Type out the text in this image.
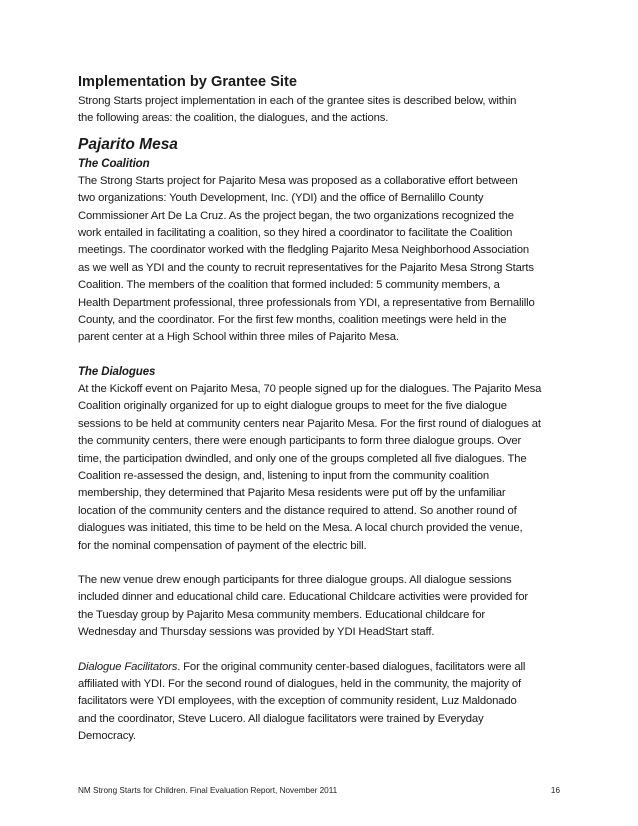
Implementation by Grantee Site
Strong Starts project implementation in each of the grantee sites is described below, within
the following areas: the coalition, the dialogues, and the actions.
Pajarito Mesa
The Coalition
The Strong Starts project for Pajarito Mesa was proposed as a collaborative effort between
two organizations: Youth Development, Inc. (YDI) and the office of Bernalillo County
Commissioner Art De La Cruz. As the project began, the two organizations recognized the
work entailed in facilitating a coalition, so they hired a coordinator to facilitate the Coalition
meetings. The coordinator worked with the fledgling Pajarito Mesa Neighborhood Association
as we well as YDI and the county to recruit representatives for the Pajarito Mesa Strong Starts
Coalition. The members of the coalition that formed included: 5 community members, a
Health Department professional, three professionals from YDI, a representative from Bernalillo
County, and the coordinator. For the first few months, coalition meetings were held in the
parent center at a High School within three miles of Pajarito Mesa.
The Dialogues
At the Kickoff event on Pajarito Mesa, 70 people signed up for the dialogues. The Pajarito Mesa
Coalition originally organized for up to eight dialogue groups to meet for the five dialogue
sessions to be held at community centers near Pajarito Mesa. For the first round of dialogues at
the community centers, there were enough participants to form three dialogue groups. Over
time, the participation dwindled, and only one of the groups completed all five dialogues. The
Coalition re-assessed the design, and, listening to input from the community coalition
membership, they determined that Pajarito Mesa residents were put off by the unfamiliar
location of the community centers and the distance required to attend. So another round of
dialogues was initiated, this time to be held on the Mesa. A local church provided the venue,
for the nominal compensation of payment of the electric bill.
The new venue drew enough participants for three dialogue groups. All dialogue sessions
included dinner and educational child care. Educational Childcare activities were provided for
the Tuesday group by Pajarito Mesa community members. Educational childcare for
Wednesday and Thursday sessions was provided by YDI HeadStart staff.
Dialogue Facilitators. For the original community center-based dialogues, facilitators were all
affiliated with YDI. For the second round of dialogues, held in the community, the majority of
facilitators were YDI employees, with the exception of community resident, Luz Maldonado
and the coordinator, Steve Lucero. All dialogue facilitators were trained by Everyday
Democracy.
NM Strong Starts for Children. Final Evaluation Report, November 2011	16
